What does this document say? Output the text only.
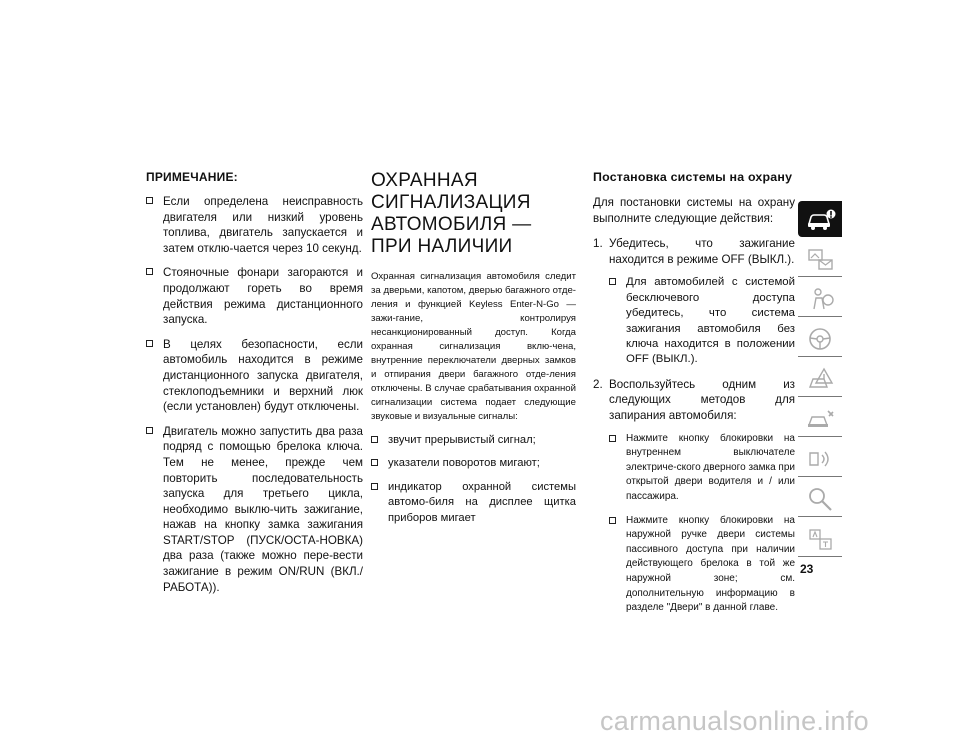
ПРИМЕЧАНИЕ:
Если определена неисправность двигателя или низкий уровень топлива, двигатель запускается и затем отклю-чается через 10 секунд.
Стояночные фонари загораются и продолжают гореть во время действия режима дистанционного запуска.
В целях безопасности, если автомобиль находится в режиме дистанционного запуска двигателя, стеклоподъемники и верхний люк (если установлен) будут отключены.
Двигатель можно запустить два раза подряд с помощью брелока ключа. Тем не менее, прежде чем повторить последовательность запуска для третьего цикла, необходимо выклю-чить зажигание, нажав на кнопку замка зажигания START/STOP (ПУСК/ОСТА-НОВКА) два раза (также можно пере-вести зажигание в режим ON/RUN (ВКЛ./РАБОТА)).
ОХРАННАЯ СИГНАЛИЗАЦИЯ АВТОМОБИЛЯ — ПРИ НАЛИЧИИ

Охранная сигнализация автомобиля следит за дверьми, капотом, дверью багажного отде-ления и функцией Keyless Enter-N-Go — зажи-гание, контролируя несанкционированный доступ. Когда охранная сигнализация вклю-чена, внутренние переключатели дверных замков и отпирания двери багажного отде-ления отключены. В случае срабатывания охранной сигнализации система подает следующие звуковые и визуальные сигналы:

звучит прерывистый сигнал;
указатели поворотов мигают;
индикатор охранной системы автомо-биля на дисплее щитка приборов мигает
Постановка системы на охрану

Для постановки системы на охрану выполните следующие действия:

1. Убедитесь, что зажигание находится в режиме OFF (ВЫКЛ.).
Для автомобилей с системой бесключевого доступа убедитесь, что система зажигания автомобиля без ключа находится в положении OFF (ВЫКЛ.).
2. Воспользуйтесь одним из следующих методов для запирания автомобиля:
Нажмите кнопку блокировки на внутреннем выключателе электриче-ского дверного замка при открытой двери водителя и / или пассажира.
Нажмите кнопку блокировки на наружной ручке двери системы пассивного доступа при наличии действующего брелока в той же наружной зоне; см. дополнительную информацию в разделе "Двери" в данной главе.
23
carmanualsonline.info
